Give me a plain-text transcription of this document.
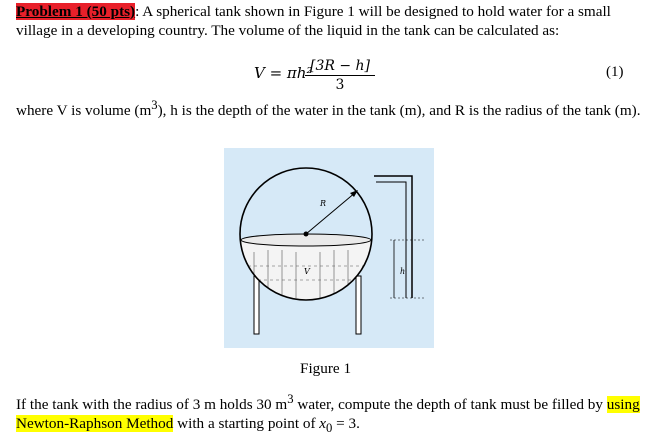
Problem 1 (50 pts): A spherical tank shown in Figure 1 will be designed to hold water for a small village in a developing country. The volume of the liquid in the tank can be calculated as:

V = πh²
$\frac{[3R - h]}{3}$	(1)

where V is volume $(m^3)$, h is the depth of the water in the tank (m), and R is the radius of the tank (m).

R
V	h
Figure 1

If the tank with the radius of 3 m holds 30 $m^3$ water, compute the depth of tank must be filled by using Newton-Raphson Method with a starting point of $x_0 = 3$.
